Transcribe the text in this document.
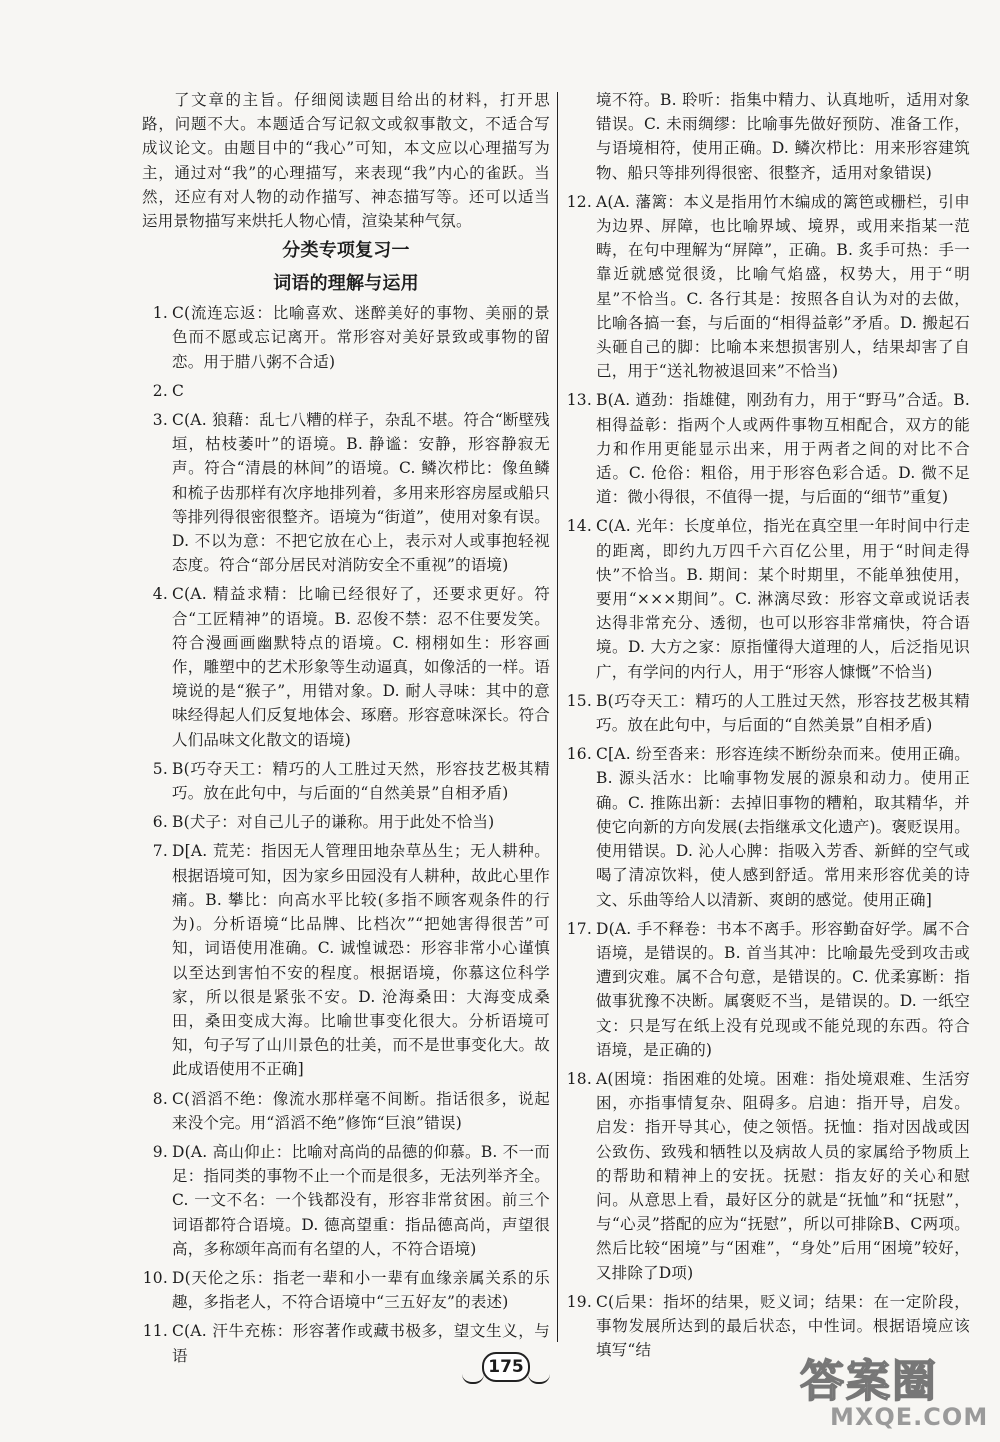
了文章的主旨。仔细阅读题目给出的材料，打开思路，问题不大。本题适合写记叙文或叙事散文，不适合写成议论文。由题目中的“我心”可知，本文应以心理描写为主，通过对“我”的心理描写，来表现“我”内心的雀跃。当然，还应有对人物的动作描写、神态描写等。还可以适当运用景物描写来烘托人物心情，渲染某种气氛。

分类专项复习一
词语的理解与运用
1. C(流连忘返：比喻喜欢、迷醉美好的事物、美丽的景色而不愿或忘记离开。常形容对美好景致或事物的留恋。用于腊八粥不合适)
2. C
3. C(A. 狼藉：乱七八糟的样子，杂乱不堪。符合“断壁残垣，枯枝萎叶”的语境。B. 静谧：安静，形容静寂无声。符合“清晨的林间”的语境。C. 鳞次栉比：像鱼鳞和梳子齿那样有次序地排列着，多用来形容房屋或船只等排列得很密很整齐。语境为“街道”，使用对象有误。D. 不以为意：不把它放在心上，表示对人或事抱轻视态度。符合“部分居民对消防安全不重视”的语境)
4. C(A. 精益求精：比喻已经很好了，还要求更好。符合“工匠精神”的语境。B. 忍俊不禁：忍不住要发笑。符合漫画画幽默特点的语境。C. 栩栩如生：形容画作，雕塑中的艺术形象等生动逼真，如像活的一样。语境说的是“猴子”，用错对象。D. 耐人寻味：其中的意味经得起人们反复地体会、琢磨。形容意味深长。符合人们品味文化散文的语境)
5. B(巧夺天工：精巧的人工胜过天然，形容技艺极其精巧。放在此句中，与后面的“自然美景”自相矛盾)
6. B(犬子：对自己儿子的谦称。用于此处不恰当)
7. D[A. 荒芜：指因无人管理田地杂草丛生；无人耕种。根据语境可知，因为家乡田园没有人耕种，故此心里作痛。B. 攀比：向高水平比较(多指不顾客观条件的行为)。分析语境“比品牌、比档次”“把她害得很苦”可知，词语使用准确。C. 诚惶诚恐：形容非常小心谨慎以至达到害怕不安的程度。根据语境，你慕这位科学家，所以很是紧张不安。D. 沧海桑田：大海变成桑田，桑田变成大海。比喻世事变化很大。分析语境可知，句子写了山川景色的壮美，而不是世事变化大。故此成语使用不正确]
8. C(滔滔不绝：像流水那样毫不间断。指话很多，说起来没个完。用“滔滔不绝”修饰“巨浪”错误)
9. D(A. 高山仰止：比喻对高尚的品德的仰慕。B. 不一而足：指同类的事物不止一个而是很多，无法列举齐全。C. 一文不名：一个钱都没有，形容非常贫困。前三个词语都符合语境。D. 德高望重：指品德高尚，声望很高，多称颂年高而有名望的人，不符合语境)
10. D(天伦之乐：指老一辈和小一辈有血缘亲属关系的乐趣，多指老人，不符合语境中“三五好友”的表述)
11. C(A. 汗牛充栋：形容著作或藏书极多，望文生义，与语
境不符。B. 聆听：指集中精力、认真地听，适用对象错误。C. 未雨绸缪：比喻事先做好预防、准备工作，与语境相符，使用正确。D. 鳞次栉比：用来形容建筑物、船只等排列得很密、很整齐，适用对象错误)
12. A(A. 藩篱：本义是指用竹木编成的篱笆或栅栏，引申为边界、屏障，也比喻界域、境界，或用来指某一范畴，在句中理解为“屏障”，正确。B. 炙手可热：手一靠近就感觉很烫，比喻气焰盛，权势大，用于“明星”不恰当。C. 各行其是：按照各自认为对的去做，比喻各搞一套，与后面的“相得益彰”矛盾。D. 搬起石头砸自己的脚：比喻本来想损害别人，结果却害了自己，用于“送礼物被退回来”不恰当)
13. B(A. 遒劲：指雄健，刚劲有力，用于“野马”合适。B. 相得益彰：指两个人或两件事物互相配合，双方的能力和作用更能显示出来，用于两者之间的对比不合适。C. 伧俗：粗俗，用于形容色彩合适。D. 微不足道：微小得很，不值得一提，与后面的“细节”重复)
14. C(A. 光年：长度单位，指光在真空里一年时间中行走的距离，即约九万四千六百亿公里，用于“时间走得快”不恰当。B. 期间：某个时期里，不能单独使用，要用“×××期间”。C. 淋漓尽致：形容文章或说话表达得非常充分、透彻，也可以形容非常痛快，符合语境。D. 大方之家：原指懂得大道理的人，后泛指见识广，有学问的内行人，用于“形容人慷慨”不恰当)
15. B(巧夺天工：精巧的人工胜过天然，形容技艺极其精巧。放在此句中，与后面的“自然美景”自相矛盾)
16. C[A. 纷至沓来：形容连续不断纷杂而来。使用正确。B. 源头活水：比喻事物发展的源泉和动力。使用正确。C. 推陈出新：去掉旧事物的糟粕，取其精华，并使它向新的方向发展(去指继承文化遗产)。褒贬误用。使用错误。D. 沁人心脾：指吸入芳香、新鲜的空气或喝了清凉饮料，使人感到舒适。常用来形容优美的诗文、乐曲等给人以清新、爽朗的感觉。使用正确]
17. D(A. 手不释卷：书本不离手。形容勤奋好学。属不合语境，是错误的。B. 首当其冲：比喻最先受到攻击或遭到灾难。属不合句意，是错误的。C. 优柔寡断：指做事犹豫不决断。属褒贬不当，是错误的。D. 一纸空文：只是写在纸上没有兑现或不能兑现的东西。符合语境，是正确的)
18. A(困境：指困难的处境。困难：指处境艰难、生活穷困，亦指事情复杂、阻碍多。启迪：指开导，启发。启发：指开导其心，使之领悟。抚恤：指对因战或因公致伤、致残和牺牲以及病故人员的家属给予物质上的帮助和精神上的安抚。抚慰：指友好的关心和慰问。从意思上看，最好区分的就是“抚恤”和“抚慰”，与“心灵”搭配的应为“抚慰”，所以可排除B、C两项。然后比较“困境”与“困难”，“身处”后用“困境”较好，又排除了D项)
19. C(后果：指坏的结果，贬义词；结果：在一定阶段，事物发展所达到的最后状态，中性词。根据语境应该填写“结
175	答案圈
MXQE.COM
